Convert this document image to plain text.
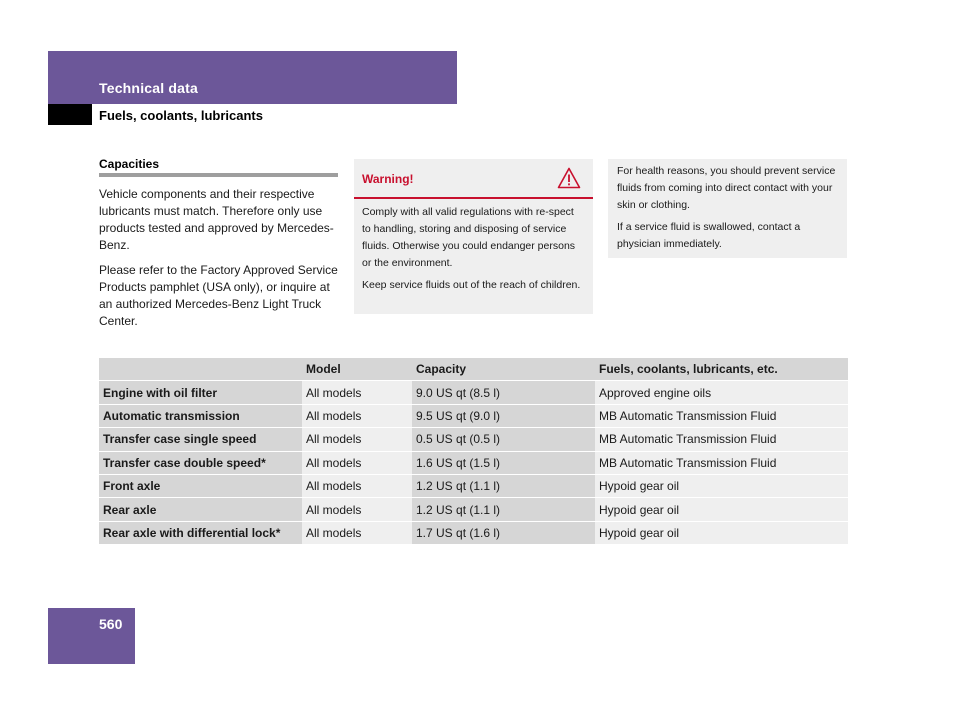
Technical data
Fuels, coolants, lubricants
Capacities

Vehicle components and their respective lubricants must match. Therefore only use products tested and approved by Mercedes-Benz.

Please refer to the Factory Approved Service Products pamphlet (USA only), or inquire at an authorized Mercedes-Benz Light Truck Center.

Warning!

Comply with all valid regulations with re-spect to handling, storing and disposing of service fluids. Otherwise you could endanger persons or the environment.

Keep service fluids out of the reach of children.

For health reasons, you should prevent service fluids from coming into direct contact with your skin or clothing.

If a service fluid is swallowed, contact a physician immediately.

	Model	Capacity	Fuels, coolants, lubricants, etc.
Engine with oil filter	All models	9.0 US qt (8.5 l)	Approved engine oils
Automatic transmission	All models	9.5 US qt (9.0 l)	MB Automatic Transmission Fluid
Transfer case single speed	All models	0.5 US qt (0.5 l)	MB Automatic Transmission Fluid
Transfer case double speed*	All models	1.6 US qt (1.5 l)	MB Automatic Transmission Fluid
Front axle	All models	1.2 US qt (1.1 l)	Hypoid gear oil
Rear axle	All models	1.2 US qt (1.1 l)	Hypoid gear oil
Rear axle with differential lock*	All models	1.7 US qt (1.6 l)	Hypoid gear oil
560
